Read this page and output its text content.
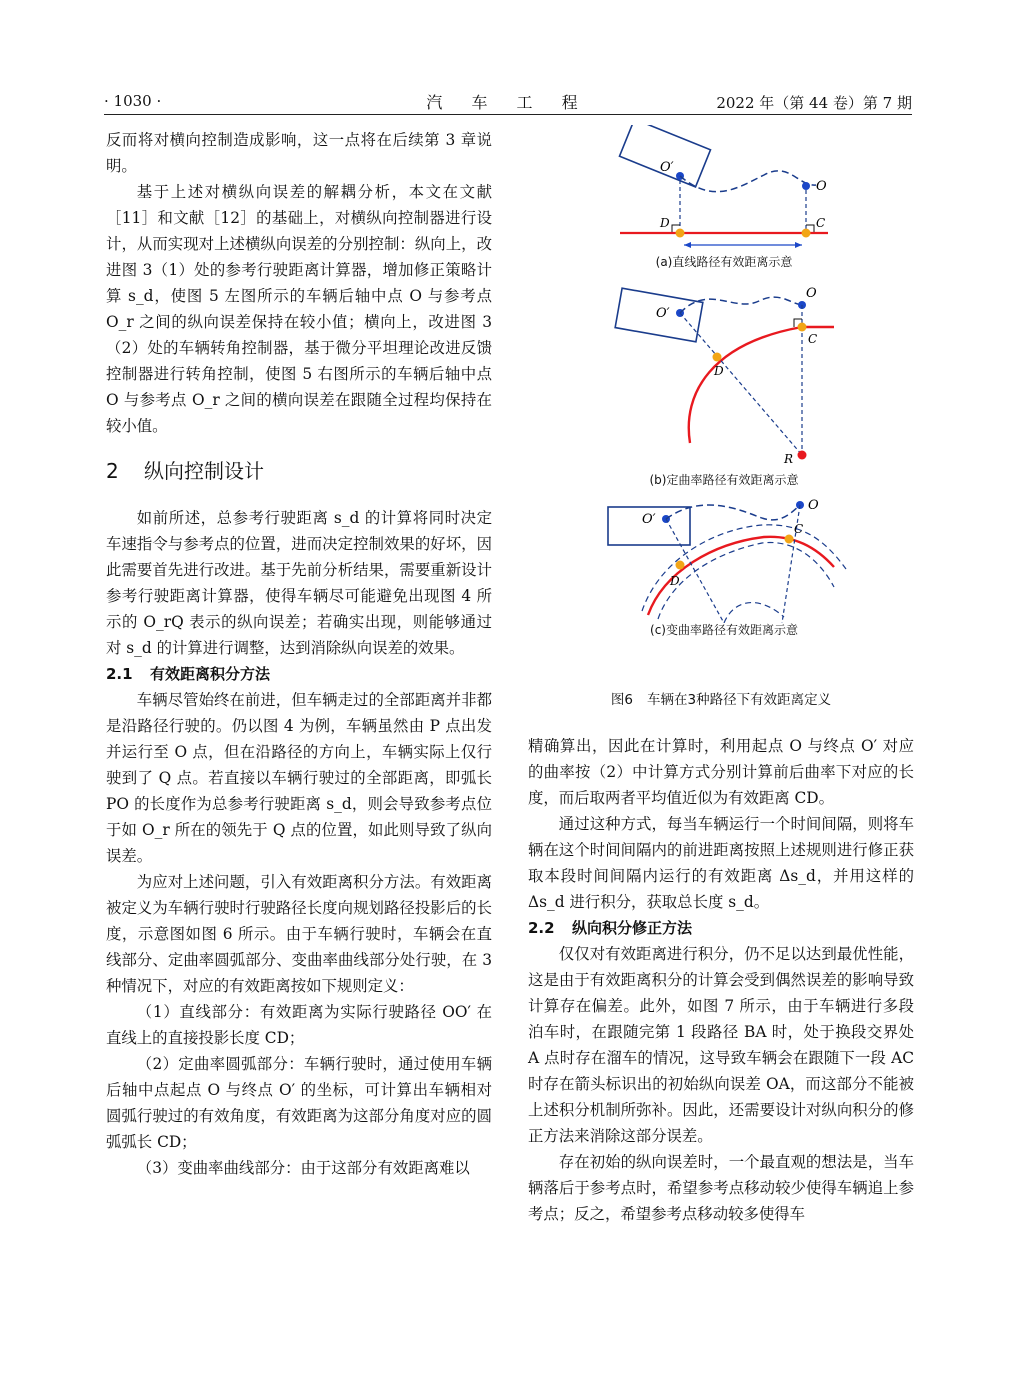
· 1030 ·	汽 车 工 程	2022 年（第 44 卷）第 7 期

反而将对横向控制造成影响，这一点将在后续第 3 章说明。

基于上述对横纵向误差的解耦分析，本文在文献［11］和文献［12］的基础上，对横纵向控制器进行设计，从而实现对上述横纵向误差的分别控制：纵向上，改进图 3（1）处的参考行驶距离计算器，增加修正策略计算 s_d，使图 5 左图所示的车辆后轴中点 O 与参考点 O_r 之间的纵向误差保持在较小值；横向上，改进图 3（2）处的车辆转角控制器，基于微分平坦理论改进反馈控制器进行转角控制，使图 5 右图所示的车辆后轴中点 O 与参考点 O_r 之间的横向误差在跟随全过程均保持在较小值。

2 纵向控制设计

如前所述，总参考行驶距离 s_d 的计算将同时决定车速指令与参考点的位置，进而决定控制效果的好坏，因此需要首先进行改进。基于先前分析结果，需要重新设计参考行驶距离计算器，使得车辆尽可能避免出现图 4 所示的 O_rQ 表示的纵向误差；若确实出现，则能够通过对 s_d 的计算进行调整，达到消除纵向误差的效果。

2.1 有效距离积分方法

车辆尽管始终在前进，但车辆走过的全部距离并非都是沿路径行驶的。仍以图 4 为例，车辆虽然由 P 点出发并运行至 O 点，但在沿路径的方向上，车辆实际上仅行驶到了 Q 点。若直接以车辆行驶过的全部距离，即弧长 PO 的长度作为总参考行驶距离 s_d，则会导致参考点位于如 O_r 所在的领先于 Q 点的位置，如此则导致了纵向误差。

为应对上述问题，引入有效距离积分方法。有效距离被定义为车辆行驶时行驶路径长度向规划路径投影后的长度，示意图如图 6 所示。由于车辆行驶时，车辆会在直线部分、定曲率圆弧部分、变曲率曲线部分处行驶，在 3 种情况下，对应的有效距离按如下规则定义：

（1）直线部分：有效距离为实际行驶路径 OO′ 在直线上的直接投影长度 CD；

（2）定曲率圆弧部分：车辆行驶时，通过使用车辆后轴中点起点 O 与终点 O′ 的坐标，可计算出车辆相对圆弧行驶过的有效角度，有效距离为这部分角度对应的圆弧弧长 CD；

（3）变曲率曲线部分：由于这部分有效距离难以

O′
O
D	C
(a)直线路径有效距离示意
O′
O
C
D
R
(b)定曲率路径有效距离示意
O′
O
D
C
(c)变曲率路径有效距离示意
图6 车辆在3种路径下有效距离定义

精确算出，因此在计算时，利用起点 O 与终点 O′ 对应的曲率按（2）中计算方式分别计算前后曲率下对应的长度，而后取两者平均值近似为有效距离 CD。

通过这种方式，每当车辆运行一个时间间隔，则将车辆在这个时间间隔内的前进距离按照上述规则进行修正获取本段时间间隔内运行的有效距离 Δs_d，并用这样的 Δs_d 进行积分，获取总长度 s_d。

2.2 纵向积分修正方法

仅仅对有效距离进行积分，仍不足以达到最优性能，这是由于有效距离积分的计算会受到偶然误差的影响导致计算存在偏差。此外，如图 7 所示，由于车辆进行多段泊车时，在跟随完第 1 段路径 BA 时，处于换段交界处 A 点时存在溜车的情况，这导致车辆会在跟随下一段 AC 时存在箭头标识出的初始纵向误差 OA，而这部分不能被上述积分机制所弥补。因此，还需要设计对纵向积分的修正方法来消除这部分误差。

存在初始的纵向误差时，一个最直观的想法是，当车辆落后于参考点时，希望参考点移动较少使得车辆追上参考点；反之，希望参考点移动较多使得车
